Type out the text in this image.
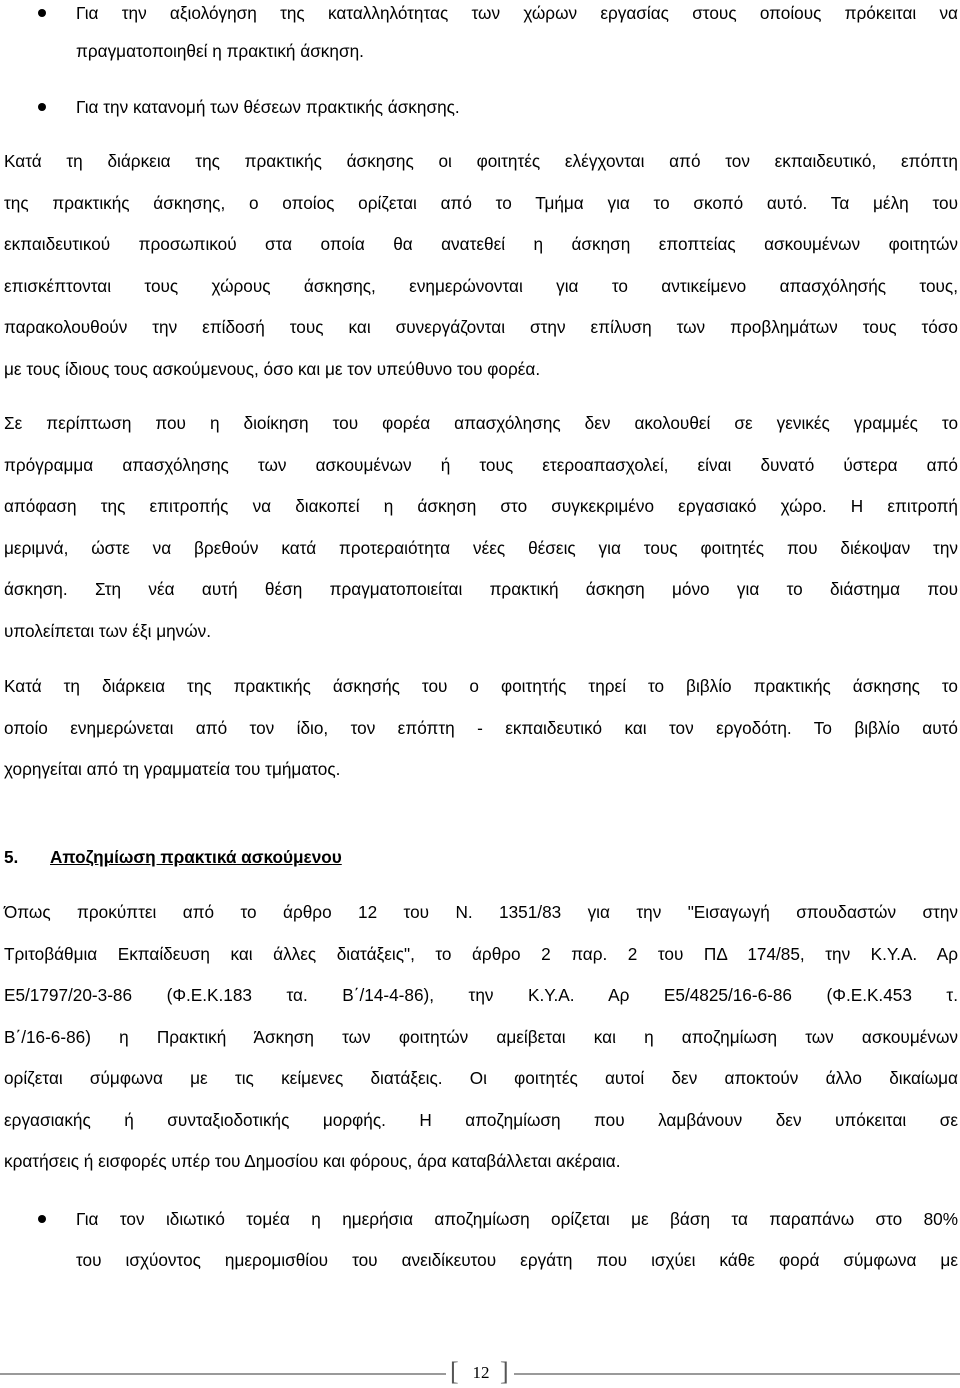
Για την αξιολόγηση της καταλληλότητας των χώρων εργασίας στους οποίους πρόκειται να
πραγματοποιηθεί η πρακτική άσκηση.
Για την κατανομή των θέσεων πρακτικής άσκησης.
Κατά τη διάρκεια της πρακτικής άσκησης οι φοιτητές ελέγχονται από τον εκπαιδευτικό, επόπτη
της πρακτικής άσκησης, ο οποίος ορίζεται από το Τμήμα για το σκοπό αυτό. Τα μέλη του
εκπαιδευτικού προσωπικού στα οποία θα ανατεθεί η άσκηση εποπτείας ασκουμένων φοιτητών
επισκέπτονται τους χώρους άσκησης, ενημερώνονται για το αντικείμενο απασχόλησής τους,
παρακολουθούν την επίδοσή τους και συνεργάζονται στην επίλυση των προβλημάτων τους τόσο
με τους ίδιους τους ασκούμενους, όσο και με τον υπεύθυνο του φορέα.
Σε περίπτωση που η διοίκηση του φορέα απασχόλησης δεν ακολουθεί σε γενικές γραμμές το
πρόγραμμα απασχόλησης των ασκουμένων ή τους ετεροαπασχολεί, είναι δυνατό ύστερα από
απόφαση της επιτροπής να διακοπεί η άσκηση στο συγκεκριμένο εργασιακό χώρο. Η επιτροπή
μεριμνά, ώστε να βρεθούν κατά προτεραιότητα νέες θέσεις για τους φοιτητές που διέκοψαν την
άσκηση. Στη νέα αυτή θέση πραγματοποιείται πρακτική άσκηση μόνο για το διάστημα που
υπολείπεται των έξι μηνών.
Κατά τη διάρκεια της πρακτικής άσκησής του ο φοιτητής τηρεί το βιβλίο πρακτικής άσκησης το
οποίο ενημερώνεται από τον ίδιο, τον επόπτη - εκπαιδευτικό και τον εργοδότη. Το βιβλίο αυτό
χορηγείται από τη γραμματεία του τμήματος.
5. Αποζημίωση πρακτικά ασκούμενου
Όπως προκύπτει από το άρθρο 12 του Ν. 1351/83 για την "Εισαγωγή σπουδαστών στην
Τριτοβάθμια Εκπαίδευση και άλλες διατάξεις", το άρθρο 2 παρ. 2 του ΠΔ 174/85, την Κ.Υ.Α. Αρ
Ε5/1797/20-3-86 (Φ.Ε.Κ.183 τα. Β΄/14-4-86), την Κ.Υ.Α. Αρ Ε5/4825/16-6-86 (Φ.Ε.Κ.453 τ.
Β΄/16-6-86) η Πρακτική Άσκηση των φοιτητών αμείβεται και η αποζημίωση των ασκουμένων
ορίζεται σύμφωνα με τις κείμενες διατάξεις. Οι φοιτητές αυτοί δεν αποκτούν άλλο δικαίωμα
εργασιακής ή συνταξιοδοτικής μορφής. Η αποζημίωση που λαμβάνουν δεν υπόκειται σε
κρατήσεις ή εισφορές υπέρ του Δημοσίου και φόρους, άρα καταβάλλεται ακέραια.
Για τον ιδιωτικό τομέα η ημερήσια αποζημίωση ορίζεται με βάση τα παραπάνω στο 80%
του ισχύοντος ημερομισθίου του ανειδίκευτου εργάτη που ισχύει κάθε φορά σύμφωνα με
[ 12 ]
